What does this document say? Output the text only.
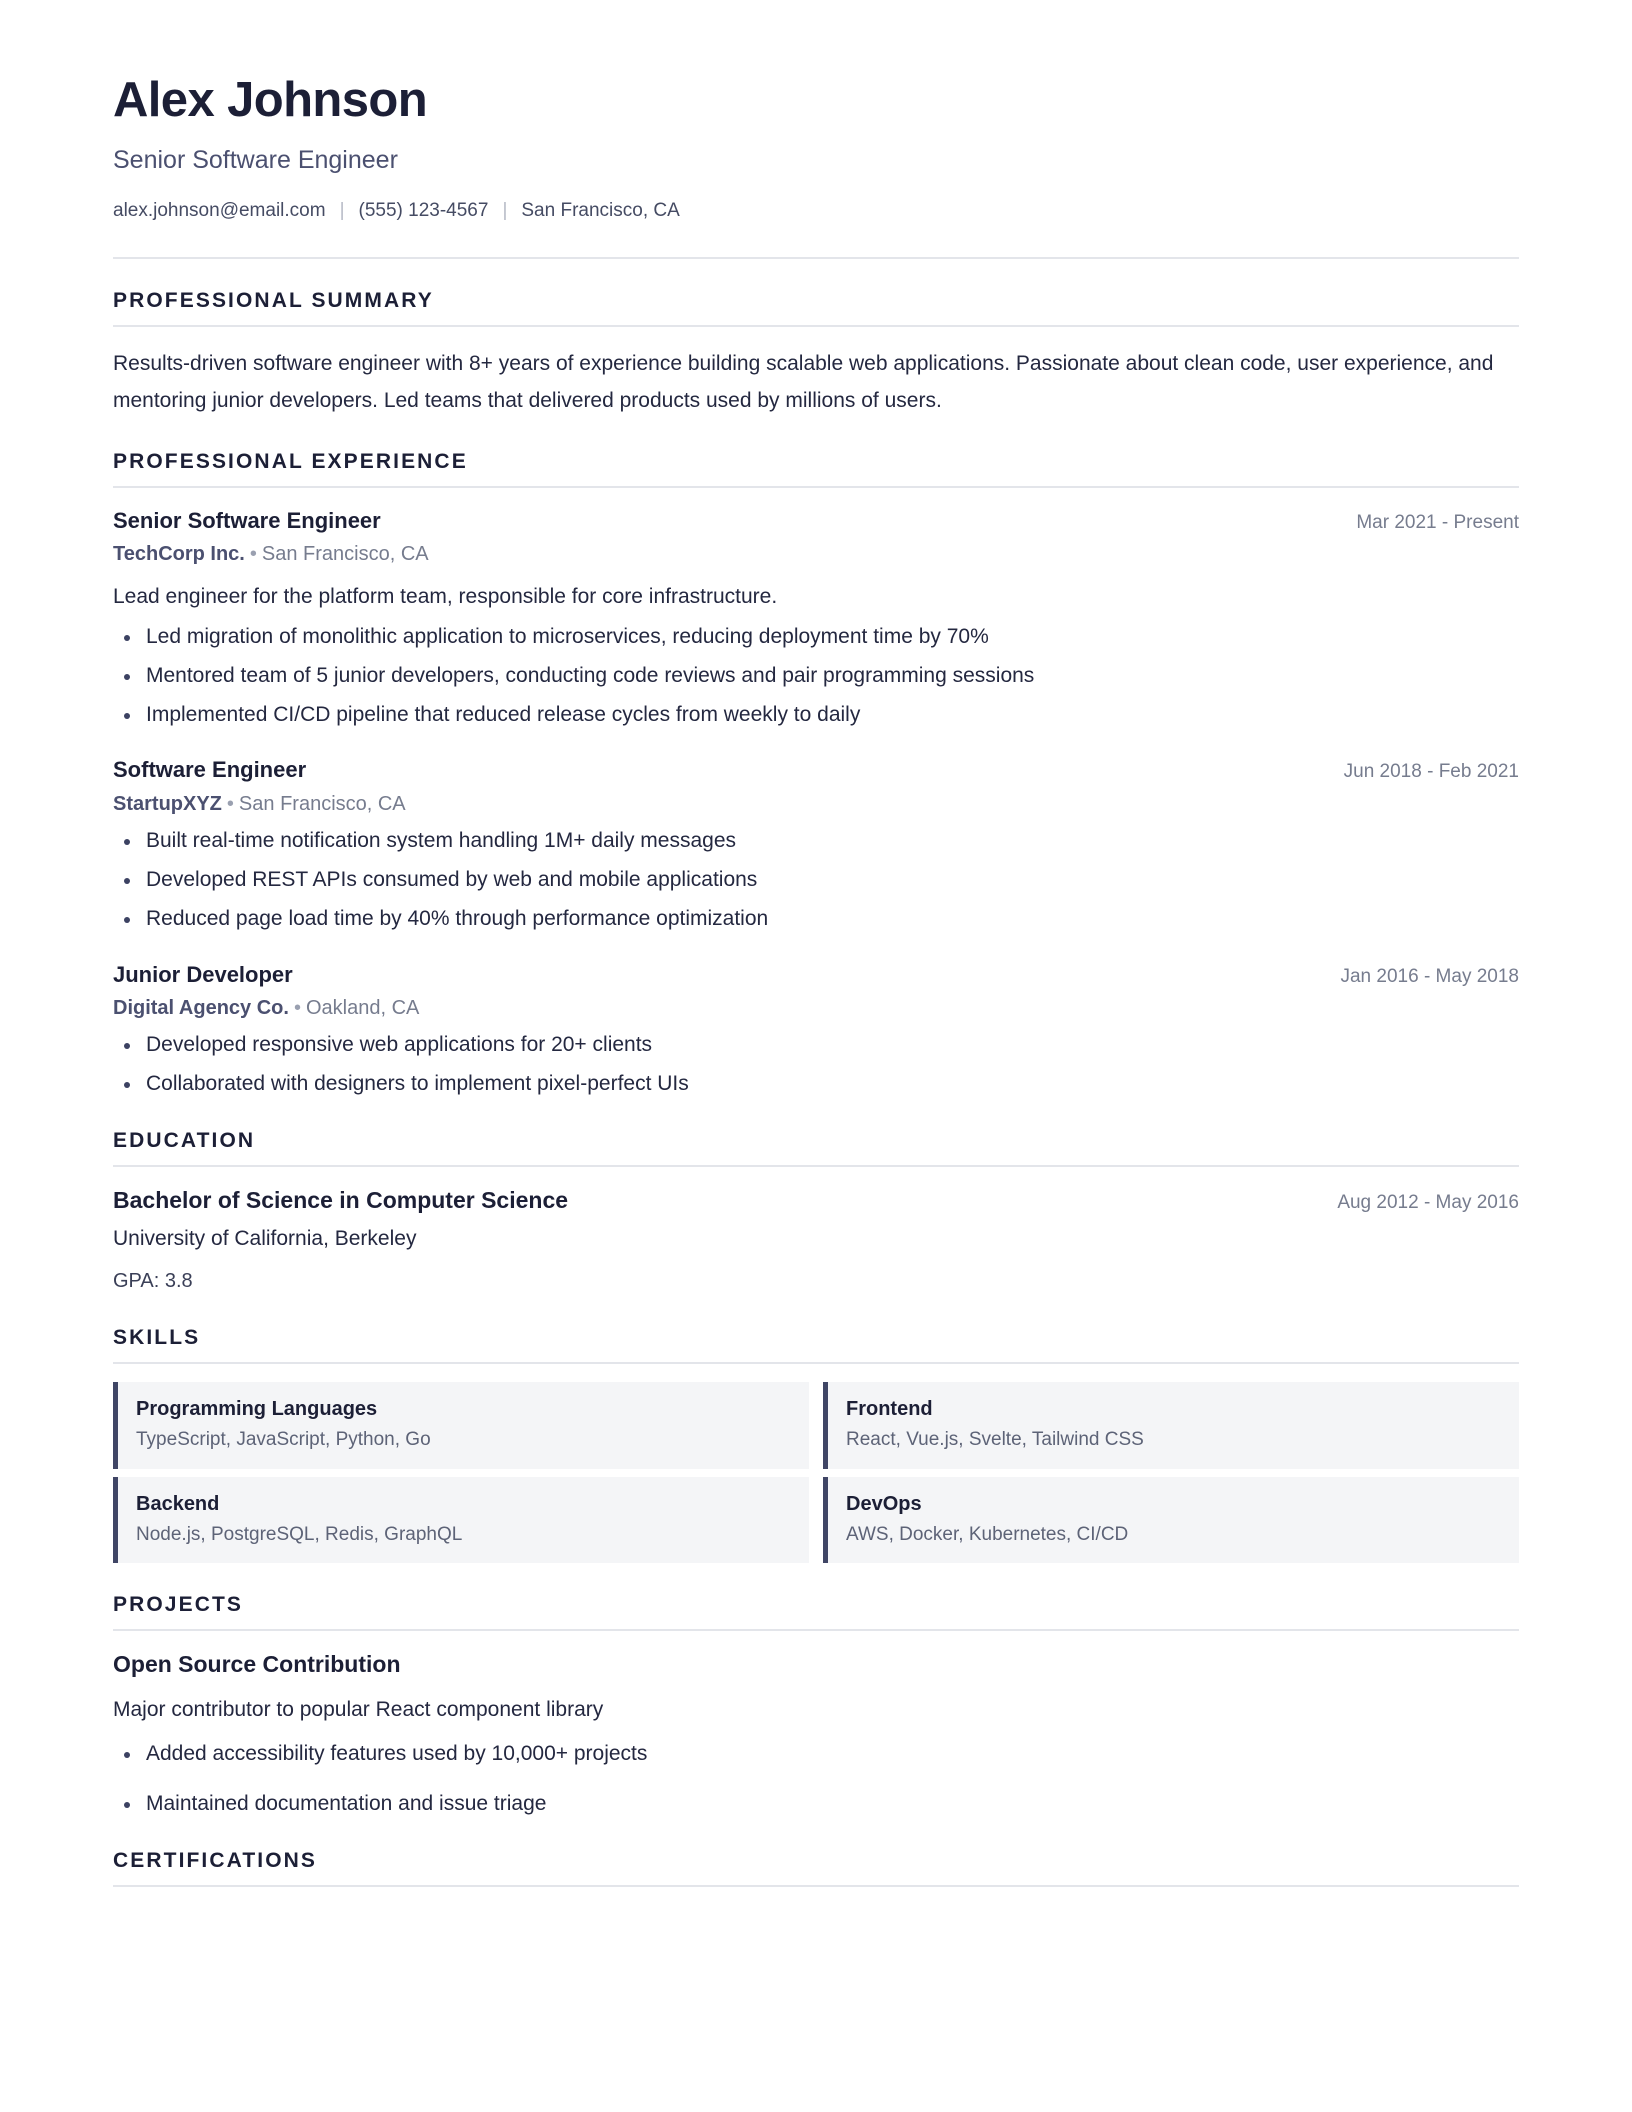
Alex Johnson
Senior Software Engineer
alex.johnson@email.com | (555) 123-4567 | San Francisco, CA
PROFESSIONAL SUMMARY

Results-driven software engineer with 8+ years of experience building scalable web applications. Passionate about clean code, user experience, and mentoring junior developers. Led teams that delivered products used by millions of users.

PROFESSIONAL EXPERIENCE
Senior Software Engineer	Mar 2021 - Present
TechCorp Inc. • San Francisco, CA

Lead engineer for the platform team, responsible for core infrastructure.

Led migration of monolithic application to microservices, reducing deployment time by 70%
Mentored team of 5 junior developers, conducting code reviews and pair programming sessions
Implemented CI/CD pipeline that reduced release cycles from weekly to daily
Software Engineer	Jun 2018 - Feb 2021
StartupXYZ • San Francisco, CA
Built real-time notification system handling 1M+ daily messages
Developed REST APIs consumed by web and mobile applications
Reduced page load time by 40% through performance optimization
Junior Developer	Jan 2016 - May 2018
Digital Agency Co. • Oakland, CA
Developed responsive web applications for 20+ clients
Collaborated with designers to implement pixel-perfect UIs
EDUCATION
Bachelor of Science in Computer Science	Aug 2012 - May 2016
University of California, Berkeley
GPA: 3.8
SKILLS
Programming Languages
TypeScript, JavaScript, Python, Go
Frontend
React, Vue.js, Svelte, Tailwind CSS
Backend
Node.js, PostgreSQL, Redis, GraphQL
DevOps
AWS, Docker, Kubernetes, CI/CD
PROJECTS
Open Source Contribution

Major contributor to popular React component library

Added accessibility features used by 10,000+ projects
Maintained documentation and issue triage
CERTIFICATIONS
